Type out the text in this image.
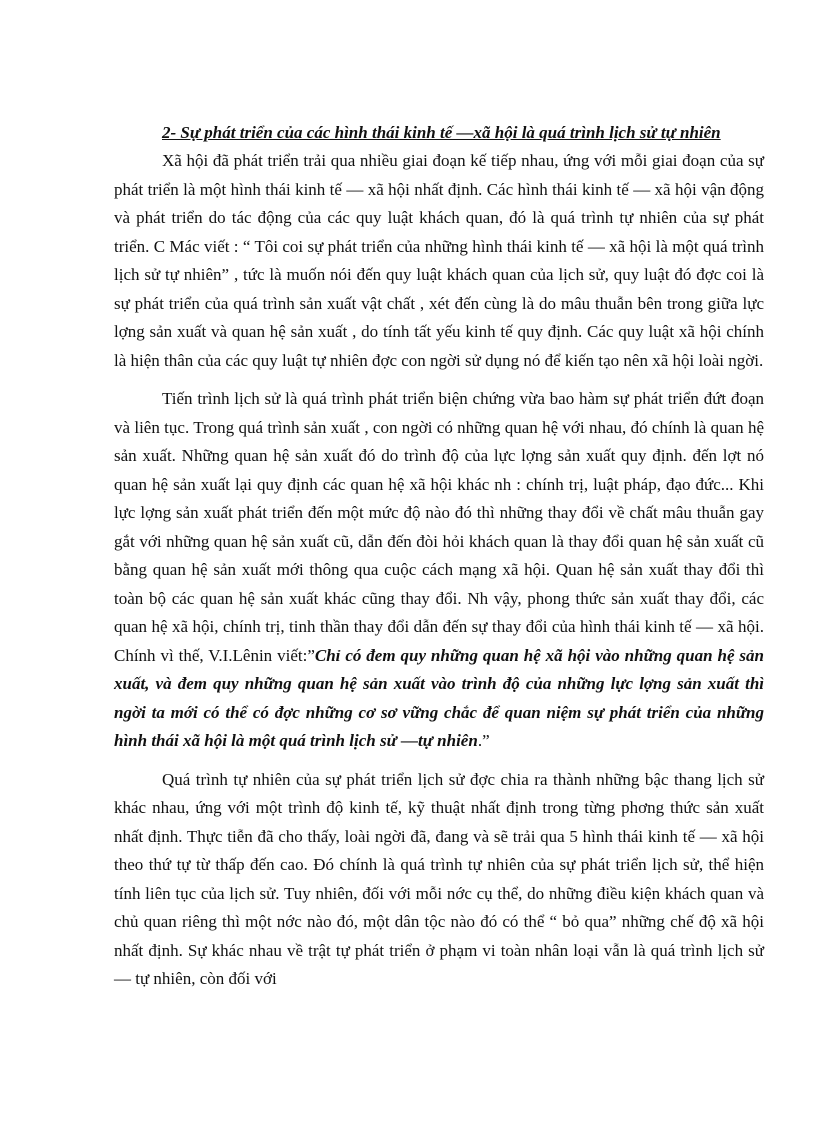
2- Sự phát triển của các hình thái kinh tế —xã hội là quá trình lịch sử tự nhiên

Xã hội đã phát triển trải qua nhiều giai đoạn kế tiếp nhau, ứng với mỗi giai đoạn của sự phát triển là một hình thái kinh tế — xã hội nhất định. Các hình thái kinh tế — xã hội vận động và phát triển do tác động của các quy luật khách quan, đó là quá trình tự nhiên của sự phát triển. C Mác viết : “ Tôi coi sự phát triển của những hình thái kinh tế — xã hội là một quá trình lịch sử tự nhiên” , tức là muốn nói đến quy luật khách quan của lịch sử, quy luật đó đợc coi là sự phát triển của quá trình sản xuất vật chất , xét đến cùng là do mâu thuẫn bên trong giữa lực lợng sản xuất và quan hệ sản xuất , do tính tất yếu kinh tế quy định. Các quy luật xã hội chính là hiện thân của các quy luật tự nhiên đợc con ngời sử dụng nó để kiến tạo nên xã hội loài ngời.

Tiến trình lịch sử là quá trình phát triển biện chứng vừa bao hàm sự phát triển đứt đoạn và liên tục. Trong quá trình sản xuất , con ngời có những quan hệ với nhau, đó chính là quan hệ sản xuất. Những quan hệ sản xuất đó do trình độ của lực lợng sản xuất quy định. đến lợt nó quan hệ sản xuất lại quy định các quan hệ xã hội khác nh : chính trị, luật pháp, đạo đức... Khi lực lợng sản xuất phát triển đến một mức độ nào đó thì những thay đổi về chất mâu thuẫn gay gắt với những quan hệ sản xuất cũ, dẫn đến đòi hỏi khách quan là thay đổi quan hệ sản xuất cũ bằng quan hệ sản xuất mới thông qua cuộc cách mạng xã hội. Quan hệ sản xuất thay đổi thì toàn bộ các quan hệ sản xuất khác cũng thay đổi. Nh vậy, phong thức sản xuất thay đổi, các quan hệ xã hội, chính trị, tinh thần thay đổi dẫn đến sự thay đổi của hình thái kinh tế — xã hội. Chính vì thế, V.I.Lênin viết:”Chỉ có đem quy những quan hệ xã hội vào những quan hệ sản xuất, và đem quy những quan hệ sản xuất vào trình độ của những lực lợng sản xuất thì ngời ta mới có thể có đợc những cơ sơ vững chắc để quan niệm sự phát triển của những hình thái xã hội là một quá trình lịch sử —tự nhiên.”

Quá trình tự nhiên của sự phát triển lịch sử đợc chia ra thành những bậc thang lịch sử khác nhau, ứng với một trình độ kinh tế, kỹ thuật nhất định trong từng phơng thức sản xuất nhất định. Thực tiễn đã cho thấy, loài ngời đã, đang và sẽ trải qua 5 hình thái kinh tế — xã hội theo thứ tự từ thấp đến cao. Đó chính là quá trình tự nhiên của sự phát triển lịch sử, thể hiện tính liên tục của lịch sử. Tuy nhiên, đối với mỗi nớc cụ thể, do những điều kiện khách quan và chủ quan riêng thì một nớc nào đó, một dân tộc nào đó có thể “ bỏ qua” những chế độ xã hội nhất định. Sự khác nhau về trật tự phát triển ở phạm vi toàn nhân loại vẫn là quá trình lịch sử — tự nhiên, còn đối với
